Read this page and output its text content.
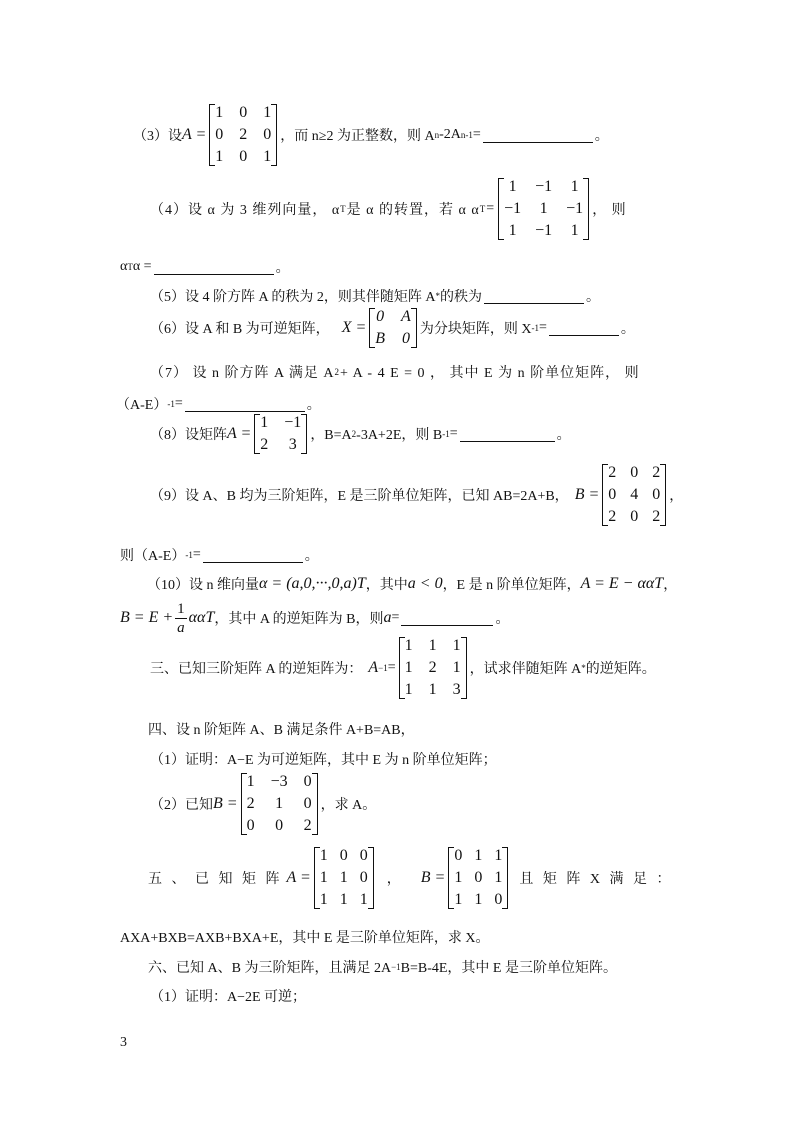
（3）设 A =
1 0 1
0 2 0
1 0 1
，而 n≥2 为正整数，则 A n -2A n-1 =	。
（4）设 α 为 3 维列向量， α T 是 α 的转置，若 α α T =
1 −1 1
−1 1 −1
1 −1 1
， 则
α T α =	。
（5）设 4 阶方阵 A 的秩为 2，则其伴随矩阵 A * 的秩为	。
（6）设 A 和 B 为可逆矩阵， X =
0 A
B 0
为分块矩阵，则 X -1 =	。
（7） 设 n 阶方阵 A 满足 A 2 + A - 4 E = 0 ， 其中 E 为 n 阶单位矩阵， 则
（A-E） -1 =	。
（8）设矩阵 A =
1 −1
2 3
，B=A 2 -3A+2E，则 B -1 =	。
（9）设 A、B 均为三阶矩阵，E 是三阶单位矩阵，已知 AB=2A+B， B =
2 0 2
0 4 0
2 0 2
，
则（A-E） -1 =	。
（10）设 n 维向量 α = (a,0,···,0,a) T ，其中 a < 0 ，E 是 n 阶单位矩阵， A = E − αα T ，
$B = E + \frac{1}{a}$ αα T ，其中 A 的逆矩阵为 B，则 a =	。
三、已知三阶矩阵 A 的逆矩阵为： A −1 =
1 1 1
1 2 1
1 1 3
，试求伴随矩阵 A * 的逆矩阵。
四、设 n 阶矩阵 A、B 满足条件 A+B=AB，
（1）证明：A−E 为可逆矩阵，其中 E 为 n 阶单位矩阵；
（2）已知 B =
1 −3 0
2 1 0
0 0 2
，求 A。
五 、 已 知 矩 阵 A =
1 0 0
1 1 0
1 1 1
， B =
0 1 1
1 0 1
1 1 0
且 矩 阵 X 满 足 ：
AXA+BXB=AXB+BXA+E，其中 E 是三阶单位矩阵，求 X。
六、已知 A、B 为三阶矩阵，且满足 2A −1 B=B-4E，其中 E 是三阶单位矩阵。
（1）证明：A−2E 可逆；
3
